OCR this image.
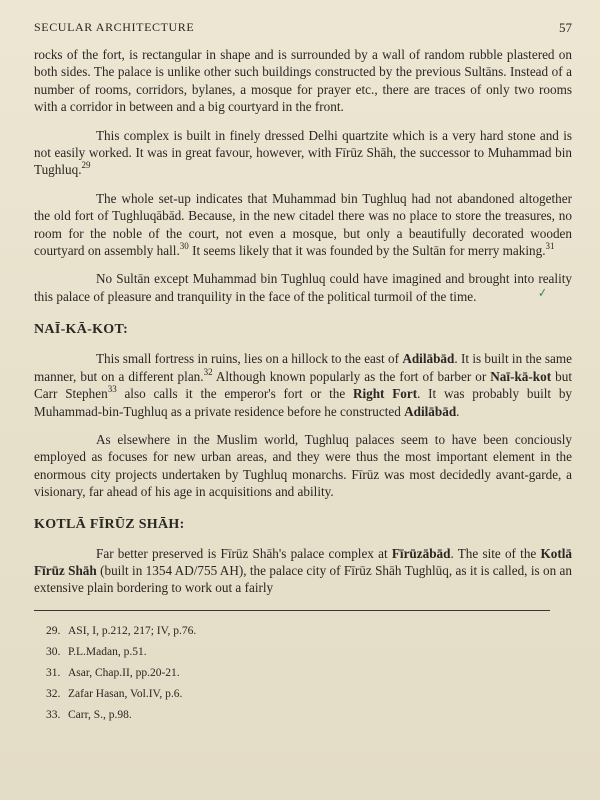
SECULAR ARCHITECTURE	57

rocks of the fort, is rectangular in shape and is surrounded by a wall of random rubble plastered on both sides. The palace is unlike other such buildings constructed by the previous Sultāns. Instead of a number of rooms, corridors, bylanes, a mosque for prayer etc., there are traces of only two rooms with a corridor in between and a big courtyard in the front.

This complex is built in finely dressed Delhi quartzite which is a very hard stone and is not easily worked. It was in great favour, however, with Fīrūz Shāh, the successor to Muhammad bin Tughluq.$^{29}$

The whole set-up indicates that Muhammad bin Tughluq had not abandoned altogether the old fort of Tughluqābād. Because, in the new citadel there was no place to store the treasures, no room for the noble of the court, not even a mosque, but only a beautifully decorated wooden courtyard on assembly hall.$^{30}$ It seems likely that it was founded by the Sultān for merry making.$^{31}$

No Sultān except Muhammad bin Tughluq could have imagined and brought into reality this palace of pleasure and tranquility in the face of the political turmoil of the time.	✓

NAĪ-KĀ-KOT:

This small fortress in ruins, lies on a hillock to the east of Adilābād. It is built in the same manner, but on a different plan.$^{32}$ Although known popularly as the fort of barber or Naī-kā-kot but Carr Stephen$^{33}$ also calls it the emperor's fort or the Right Fort. It was probably built by Muhammad-bin-Tughluq as a private residence before he constructed Adilābād.

As elsewhere in the Muslim world, Tughluq palaces seem to have been conciously employed as focuses for new urban areas, and they were thus the most important element in the enormous city projects undertaken by Tughluq monarchs. Fīrūz was most decidedly avant-garde, a visionary, far ahead of his age in acquisitions and ability.

KOTLĀ FĪRŪZ SHĀH:

Far better preserved is Fīrūz Shāh's palace complex at Fīrūzābād. The site of the Kotlā Fīrūz Shāh (built in 1354 AD/755 AH), the palace city of Fīrūz Shāh Tughlūq, as it is called, is on an extensive plain bordering to work out a fairly

29. ASI, I, p.212, 217; IV, p.76.
30. P.L.Madan, p.51.
31. Asar, Chap.II, pp.20-21.
32. Zafar Hasan, Vol.IV, p.6.
33. Carr, S., p.98.
